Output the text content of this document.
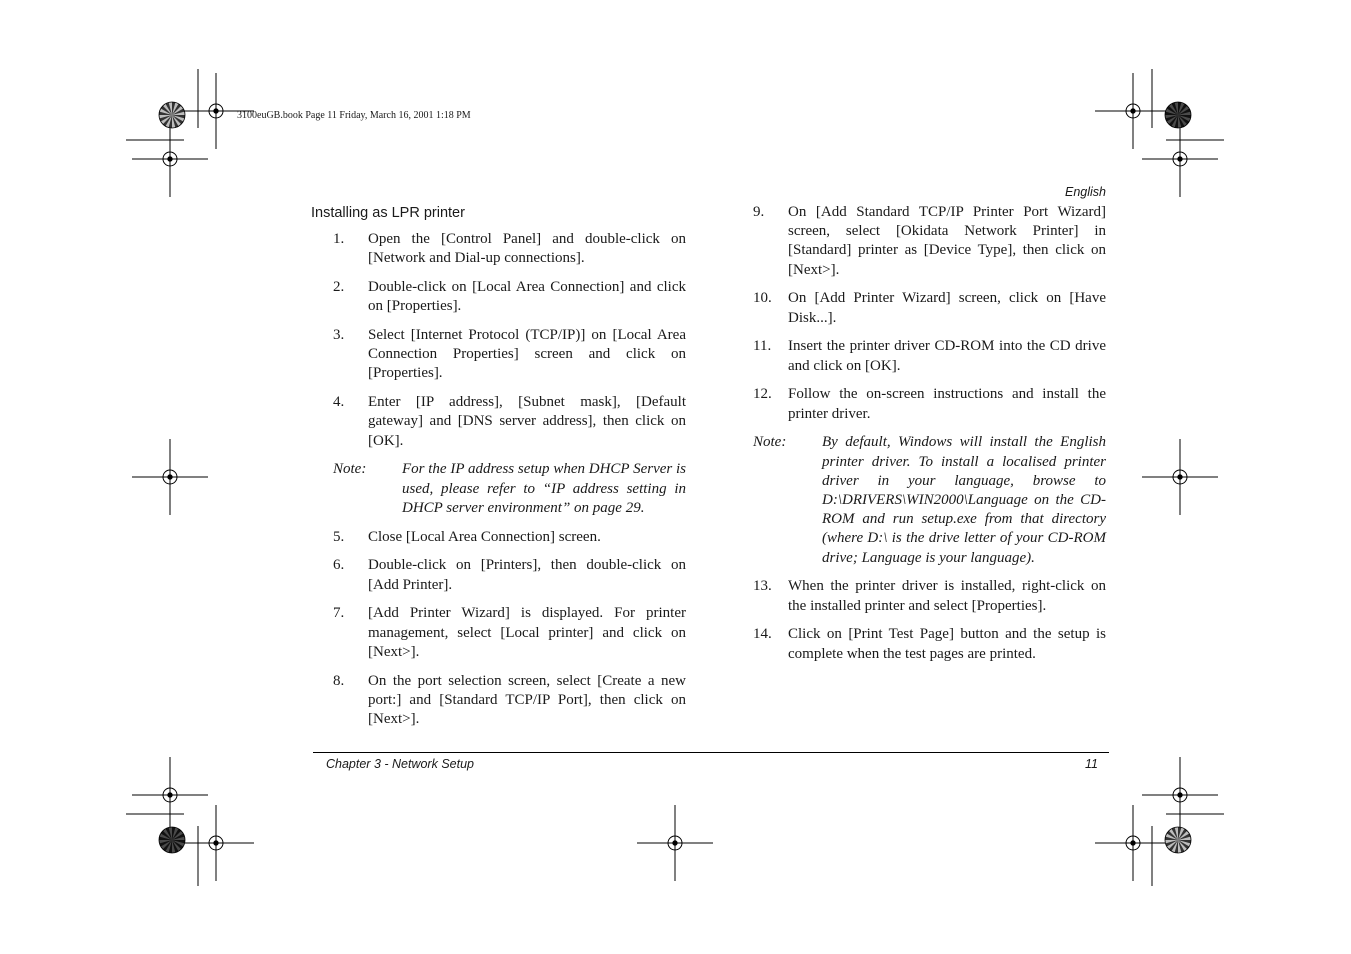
3100euGB.book Page 11 Friday, March 16, 2001 1:18 PM
English
Installing as LPR printer
1.	Open the [Control Panel] and double-click on [Network and Dial-up connections].
2.	Double-click on [Local Area Connection] and click on [Properties].
3.	Select [Internet Protocol (TCP/IP)] on [Local Area Connection Properties] screen and click on [Properties].
4.	Enter [IP address], [Subnet mask], [Default gateway] and [DNS server address], then click on [OK].
Note:	For the IP address setup when DHCP Server is used, please refer to “IP address setting in DHCP server environment” on page 29.
5.	Close [Local Area Connection] screen.
6.	Double-click on [Printers], then double-click on [Add Printer].
7.	[Add Printer Wizard] is displayed. For printer management, select [Local printer] and click on [Next>].
8.	On the port selection screen, select [Create a new port:] and [Standard TCP/IP Port], then click on [Next>].
9.	On [Add Standard TCP/IP Printer Port Wizard] screen, select [Okidata Network Printer] in [Standard] printer as [Device Type], then click on [Next>].
10.	On [Add Printer Wizard] screen, click on [Have Disk...].
11.	Insert the printer driver CD-ROM into the CD drive and click on [OK].
12.	Follow the on-screen instructions and install the printer driver.
Note:	By default, Windows will install the English printer driver. To install a localised printer driver in your language, browse to D:\DRIVERS\WIN2000\Language on the CD-ROM and run setup.exe from that directory (where D:\ is the drive letter of your CD-ROM drive; Language is your language).
13.	When the printer driver is installed, right-click on the installed printer and select [Properties].
14.	Click on [Print Test Page] button and the setup is complete when the test pages are printed.
Chapter 3 - Network Setup	11
